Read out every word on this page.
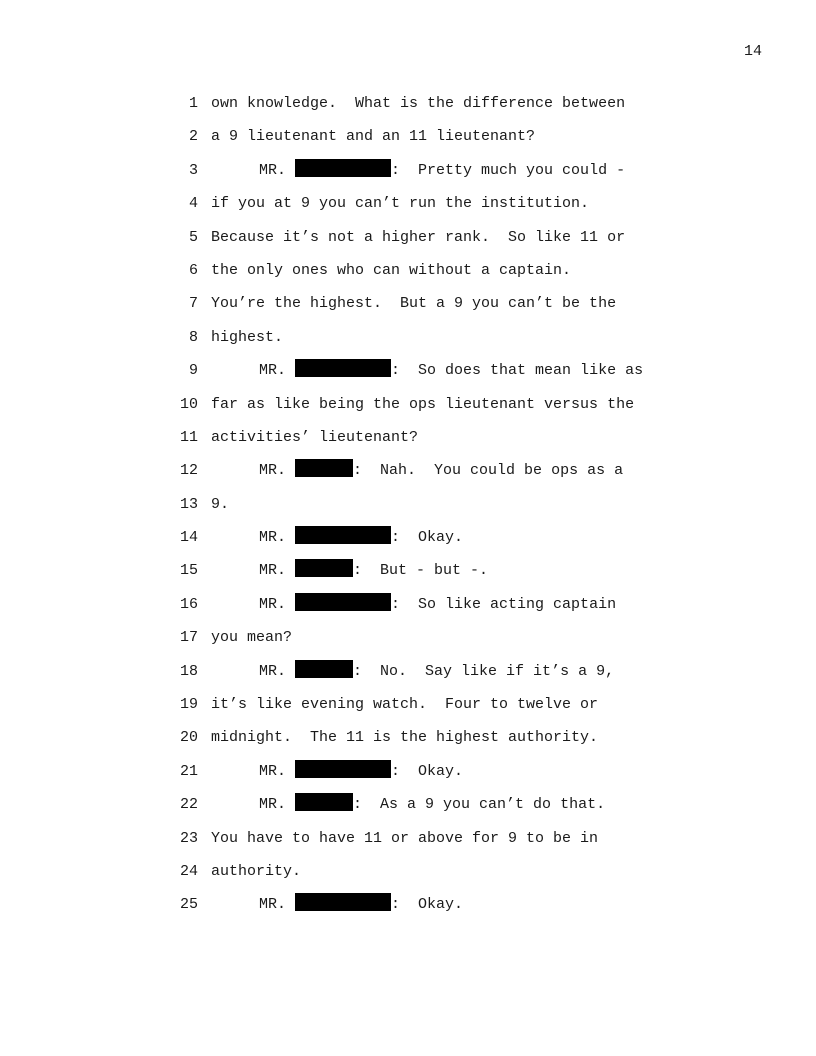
14
1 own knowledge.  What is the difference between
2 a 9 lieutenant and an 11 lieutenant?
3	MR.	:  Pretty much you could -
4 if you at 9 you can’t run the institution.
5 Because it’s not a higher rank.  So like 11 or
6 the only ones who can without a captain.
7 You’re the highest.  But a 9 you can’t be the
8 highest.
9	MR.	:  So does that mean like as
10 far as like being the ops lieutenant versus the
11 activities’ lieutenant?
12	MR.	:  Nah.  You could be ops as a
13 9.
14	MR.	:  Okay.
15	MR.	:  But - but -.
16	MR.	:  So like acting captain
17 you mean?
18	MR.	:  No.  Say like if it’s a 9,
19 it’s like evening watch.  Four to twelve or
20 midnight.  The 11 is the highest authority.
21	MR.	:  Okay.
22	MR.	:  As a 9 you can’t do that.
23 You have to have 11 or above for 9 to be in
24 authority.
25	MR.	:  Okay.
